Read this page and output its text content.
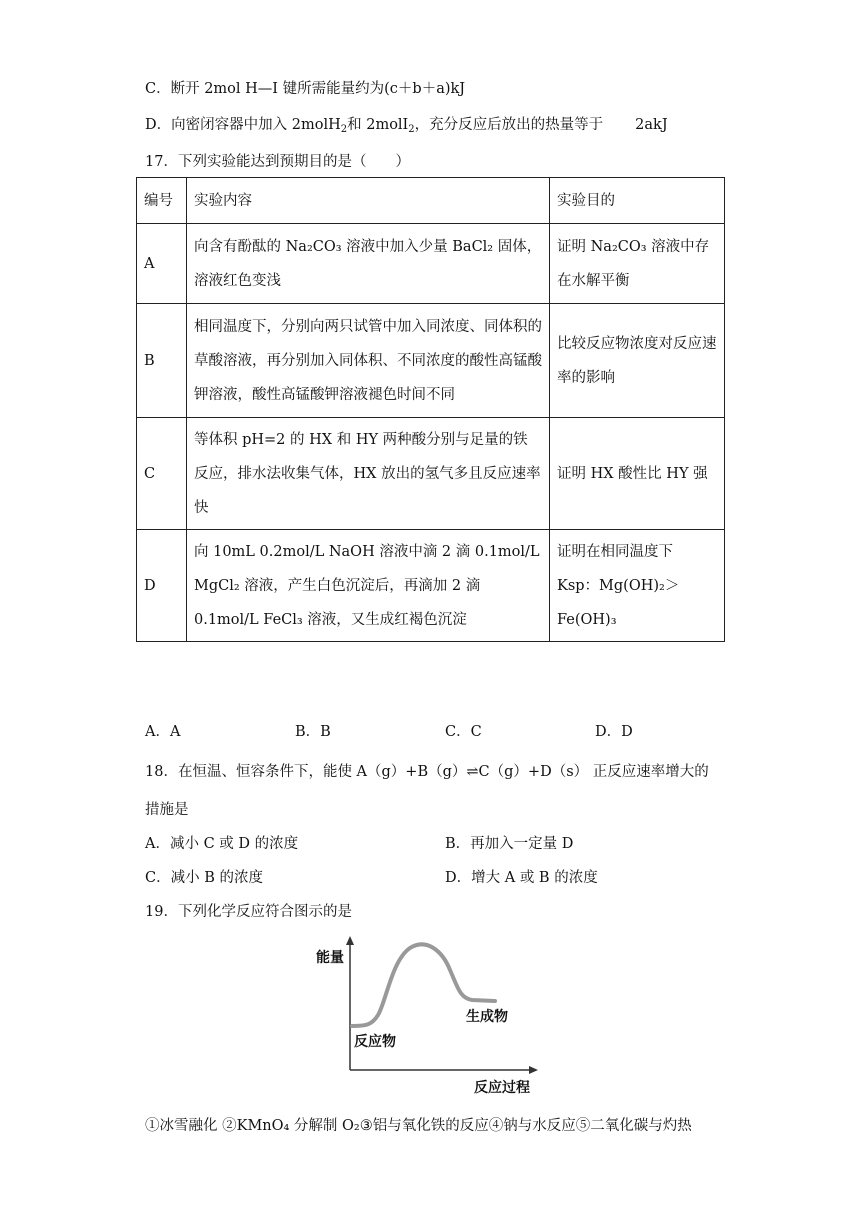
C．断开 2mol H—I 键所需能量约为(c＋b＋a)kJ
D．向密闭容器中加入 2molH$_2$和 2molI$_2$，充分反应后放出的热量等于 2akJ
17．下列实验能达到预期目的是（　　）
编号	实验内容	实验目的
A	向含有酚酞的 Na₂CO₃ 溶液中加入少量 BaCl₂ 固体，溶液红色变浅	证明 Na₂CO₃ 溶液中存在水解平衡
B	相同温度下，分别向两只试管中加入同浓度、同体积的草酸溶液，再分别加入同体积、不同浓度的酸性高锰酸钾溶液，酸性高锰酸钾溶液褪色时间不同	比较反应物浓度对反应速率的影响
C	等体积 pH=2 的 HX 和 HY 两种酸分别与足量的铁反应，排水法收集气体，HX 放出的氢气多且反应速率快	证明 HX 酸性比 HY 强
D	向 10mL 0.2mol/L NaOH 溶液中滴 2 滴 0.1mol/L MgCl₂ 溶液，产生白色沉淀后，再滴加 2 滴 0.1mol/L FeCl₃ 溶液，又生成红褐色沉淀	证明在相同温度下 Ksp：Mg(OH)₂＞Fe(OH)₃
A．A	B．B	C．C	D．D
18．在恒温、恒容条件下，能使 A（g）+B（g）⇌C（g）+D（s） 正反应速率增大的
措施是
A．减小 C 或 D 的浓度	B．再加入一定量 D
C．减小 B 的浓度	D．增大 A 或 B 的浓度
19．下列化学反应符合图示的是
能量
反应物
生成物
反应过程
①冰雪融化 ②KMnO₄ 分解制 O₂③铝与氧化铁的反应④钠与水反应⑤二氧化碳与灼热
